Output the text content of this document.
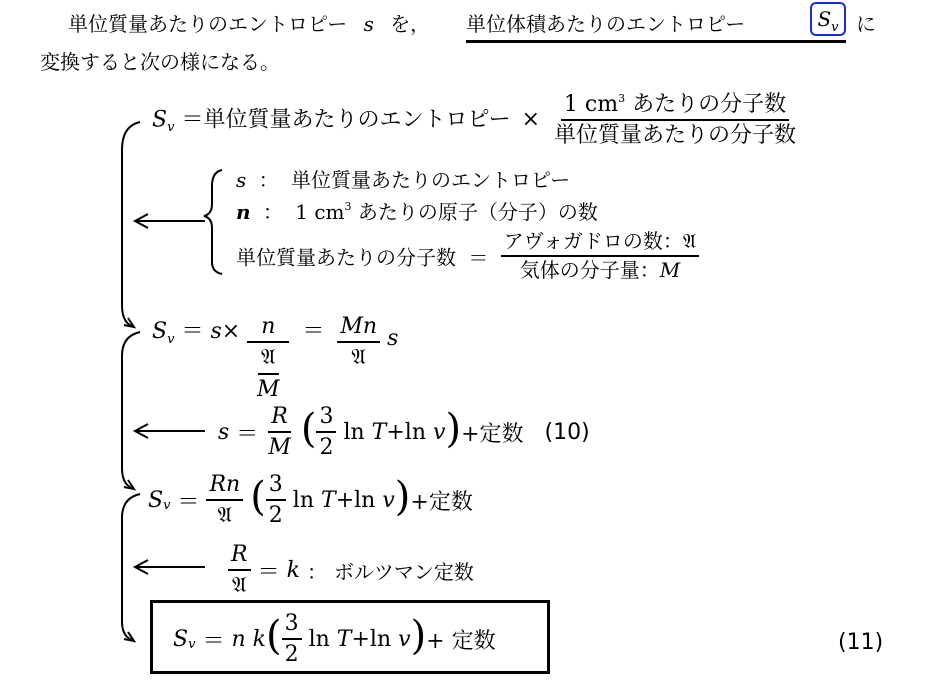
単位質量あたりのエントロピー s を， 単位体積あたりのエントロピー	$S_v$ に
変換すると次の様になる。
$S_v$ ＝単位質量あたりのエントロピー × $\frac{1 cm^3 あたりの分子数}{\text{単位質量あたりの分子数}}$
s ： 単位質量あたりのエントロピー
n ： 1 $cm^3$ あたりの原子（分子）の数
単位質量あたりの分子数 ＝ $\frac{\text{アヴォガドロの数：𝔄}}{\text{気体の分子量：M}}$
$S_v = s\times \frac{n}{\frac{\text{𝔄}}{M}} = \frac{Mn}{\text{𝔄}}$ s
$s = \frac{R}{M}$ ( $\frac{3}{2}$ ln T+ln v)+定数 (10)
$S_v = \frac{Rn}{\text{𝔄}}$ ( $\frac{3}{2}$ ln T+ln v)+定数
$\frac{R}{\text{𝔄}} = k$ ： ボルツマン定数
$S_v = n$ $k( \frac{3}{2}$ ln T+ln v)+ 定数	(11)
